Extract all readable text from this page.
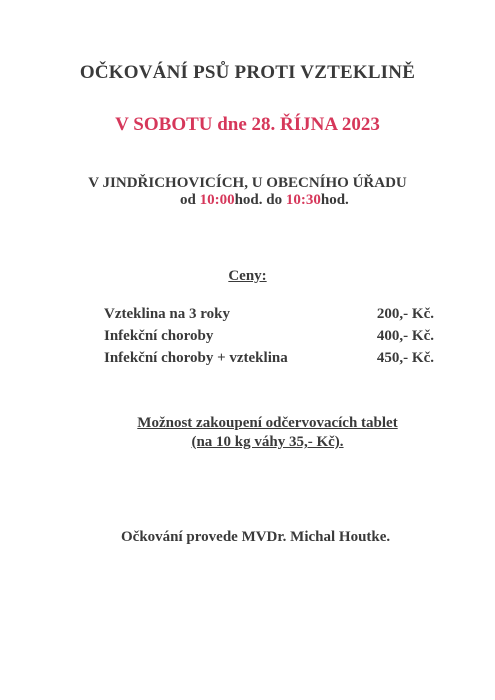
OČKOVÁNÍ PSŮ PROTI VZTEKLINĚ
V SOBOTU dne 28. ŘÍJNA 2023
V JINDŘICHOVICÍCH, U OBECNÍHO ÚŘADU
od 10:00hod. do 10:30hod.
Ceny:
Vzteklina na 3 roky	200,- Kč.
Infekční choroby	400,- Kč.
Infekční choroby + vzteklina	450,- Kč.
Možnost zakoupení odčervovacích tablet
(na 10 kg váhy 35,- Kč).
Očkování provede MVDr. Michal Houtke.
